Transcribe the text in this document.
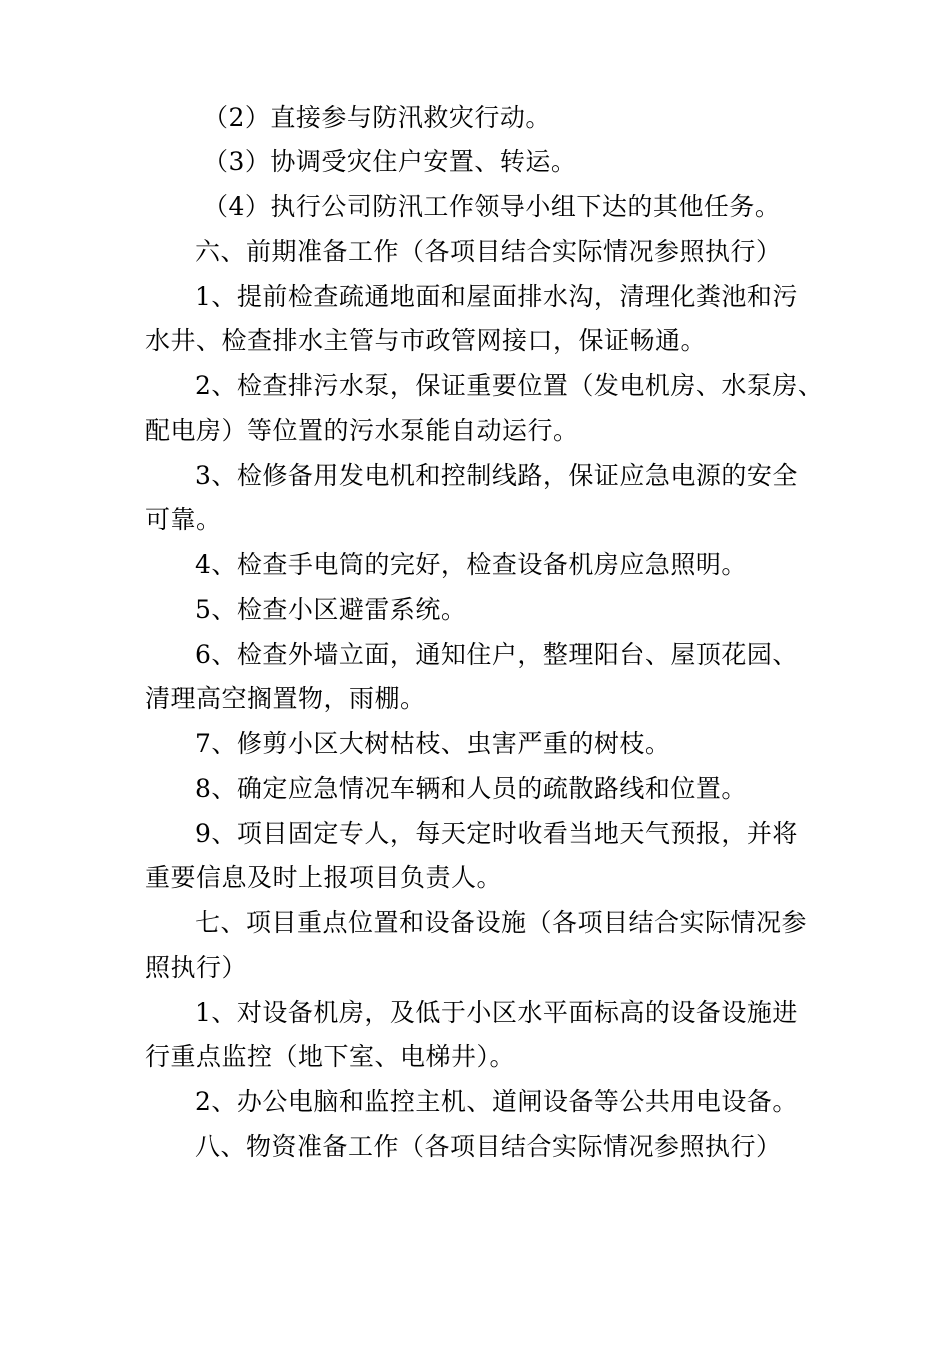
（2）直接参与防汛救灾行动。
（3）协调受灾住户安置、转运。
（4）执行公司防汛工作领导小组下达的其他任务。
六、前期准备工作（各项目结合实际情况参照执行）
1、提前检查疏通地面和屋面排水沟，清理化粪池和污
水井、检查排水主管与市政管网接口，保证畅通。
2、检查排污水泵，保证重要位置（发电机房、水泵房、
配电房）等位置的污水泵能自动运行。
3、检修备用发电机和控制线路，保证应急电源的安全
可靠。
4、检查手电筒的完好，检查设备机房应急照明。
5、检查小区避雷系统。
6、检查外墙立面，通知住户，整理阳台、屋顶花园、
清理高空搁置物，雨棚。
7、修剪小区大树枯枝、虫害严重的树枝。
8、确定应急情况车辆和人员的疏散路线和位置。
9、项目固定专人，每天定时收看当地天气预报，并将
重要信息及时上报项目负责人。
七、项目重点位置和设备设施（各项目结合实际情况参
照执行）
1、对设备机房，及低于小区水平面标高的设备设施进
行重点监控（地下室、电梯井）。
2、办公电脑和监控主机、道闸设备等公共用电设备。
八、物资准备工作（各项目结合实际情况参照执行）
